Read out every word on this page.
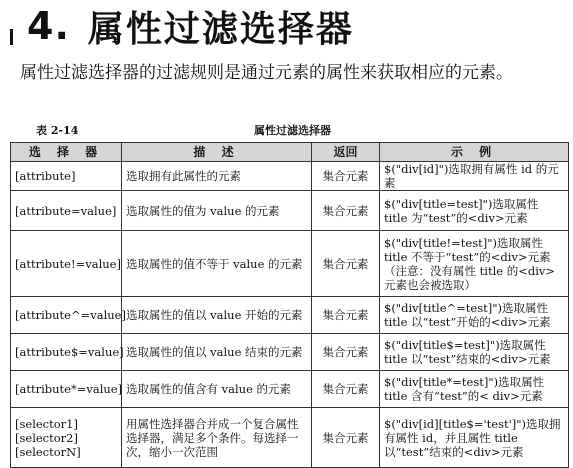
4. 属性过滤选择器
属性过滤选择器的过滤规则是通过元素的属性来获取相应的元素。
表 2-14	属性过滤选择器
选 择 器	描 述	返回	示 例
[attribute]	选取拥有此属性的元素	集合元素	$("div[id]")选取拥有属性 id 的元素
[attribute=value]	选取属性的值为 value 的元素	集合元素	$("div[title=test]")选取属性 title 为“test”的<div>元素
[attribute!=value]	选取属性的值不等于 value 的元素	集合元素	$("div[title!=test]")选取属性 title 不等于“test”的<div>元素（注意：没有属性 title 的<div>元素也会被选取）
[attribute^=value]	选取属性的值以 value 开始的元素	集合元素	$("div[title^=test]")选取属性 title 以“test”开始的<div>元素
[attribute$=value]	选取属性的值以 value 结束的元素	集合元素	$("div[title$=test]")选取属性 title 以“test”结束的<div>元素
[attribute*=value]	选取属性的值含有 value 的元素	集合元素	$("div[title*=test]")选取属性 title 含有“test”的< div>元素
[selector1][selector2][selectorN]	用属性选择器合并成一个复合属性选择器，满足多个条件。每选择一次，缩小一次范围	集合元素	$("div[id][title$='test']")选取拥有属性 id，并且属性 title 以“test”结束的<div>元素
